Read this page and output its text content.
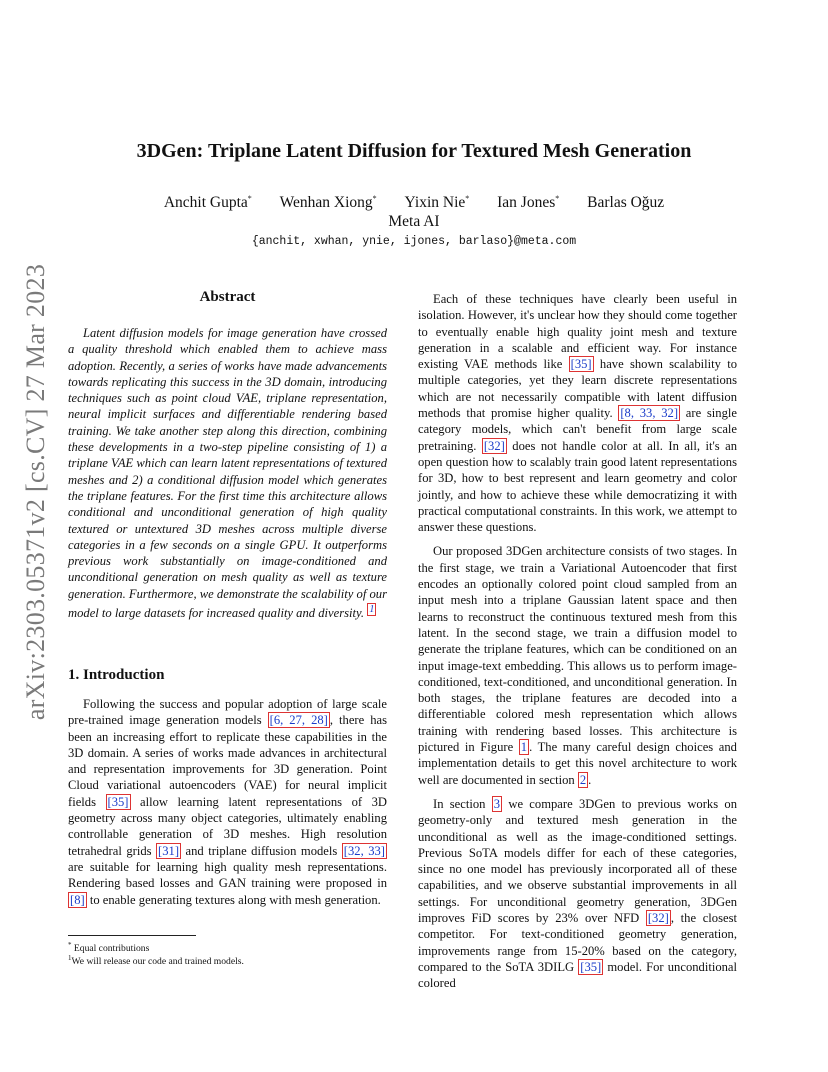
arXiv:2303.05371v2 [cs.CV] 27 Mar 2023
3DGen: Triplane Latent Diffusion for Textured Mesh Generation
Anchit Gupta* Wenhan Xiong* Yixin Nie* Ian Jones* Barlas Oğuz
Meta AI
{anchit, xwhan, ynie, ijones, barlaso}@meta.com
Abstract

Latent diffusion models for image generation have crossed a quality threshold which enabled them to achieve mass adoption. Recently, a series of works have made advancements towards replicating this success in the 3D domain, introducing techniques such as point cloud VAE, triplane representation, neural implicit surfaces and differentiable rendering based training. We take another step along this direction, combining these developments in a two-step pipeline consisting of 1) a triplane VAE which can learn latent representations of textured meshes and 2) a conditional diffusion model which generates the triplane features. For the first time this architecture allows conditional and unconditional generation of high quality textured or untextured 3D meshes across multiple diverse categories in a few seconds on a single GPU. It outperforms previous work substantially on image-conditioned and unconditional generation on mesh quality as well as texture generation. Furthermore, we demonstrate the scalability of our model to large datasets for increased quality and diversity. $^1$

1. Introduction

Following the success and popular adoption of large scale pre-trained image generation models [6, 27, 28] , there has been an increasing effort to replicate these capabilities in the 3D domain. A series of works made advances in architectural and representation improvements for 3D generation. Point Cloud variational autoencoders (VAE) for neural implicit fields [35] allow learning latent representations of 3D geometry across many object categories, ultimately enabling controllable generation of 3D meshes. High resolution tetrahedral grids [31] and triplane diffusion models [32, 33] are suitable for learning high quality mesh representations. Rendering based losses and GAN training were proposed in [8] to enable generating textures along with mesh generation.

* Equal contributions
$^1$We will release our code and trained models.

Each of these techniques have clearly been useful in isolation. However, it's unclear how they should come together to eventually enable high quality joint mesh and texture generation in a scalable and efficient way. For instance existing VAE methods like [35] have shown scalability to multiple categories, yet they learn discrete representations which are not necessarily compatible with latent diffusion methods that promise higher quality. [8, 33, 32] are single category models, which can't benefit from large scale pretraining. [32] does not handle color at all. In all, it's an open question how to scalably train good latent representations for 3D, how to best represent and learn geometry and color jointly, and how to achieve these while democratizing it with practical computational constraints. In this work, we attempt to answer these questions.

Our proposed 3DGen architecture consists of two stages. In the first stage, we train a Variational Autoencoder that first encodes an optionally colored point cloud sampled from an input mesh into a triplane Gaussian latent space and then learns to reconstruct the continuous textured mesh from this latent. In the second stage, we train a diffusion model to generate the triplane features, which can be conditioned on an input image-text embedding. This allows us to perform image-conditioned, text-conditioned, and unconditional generation. In both stages, the triplane features are decoded into a differentiable colored mesh representation which allows training with rendering based losses. This architecture is pictured in Figure 1 . The many careful design choices and implementation details to get this novel architecture to work well are documented in section 2 .

In section 3 we compare 3DGen to previous works on geometry-only and textured mesh generation in the unconditional as well as the image-conditioned settings. Previous SoTA models differ for each of these categories, since no one model has previously incorporated all of these capabilities, and we observe substantial improvements in all settings. For unconditional geometry generation, 3DGen improves FiD scores by 23% over NFD [32] , the closest competitor. For text-conditioned geometry generation, improvements range from 15-20% based on the category, compared to the SoTA 3DILG [35] model. For unconditional colored
